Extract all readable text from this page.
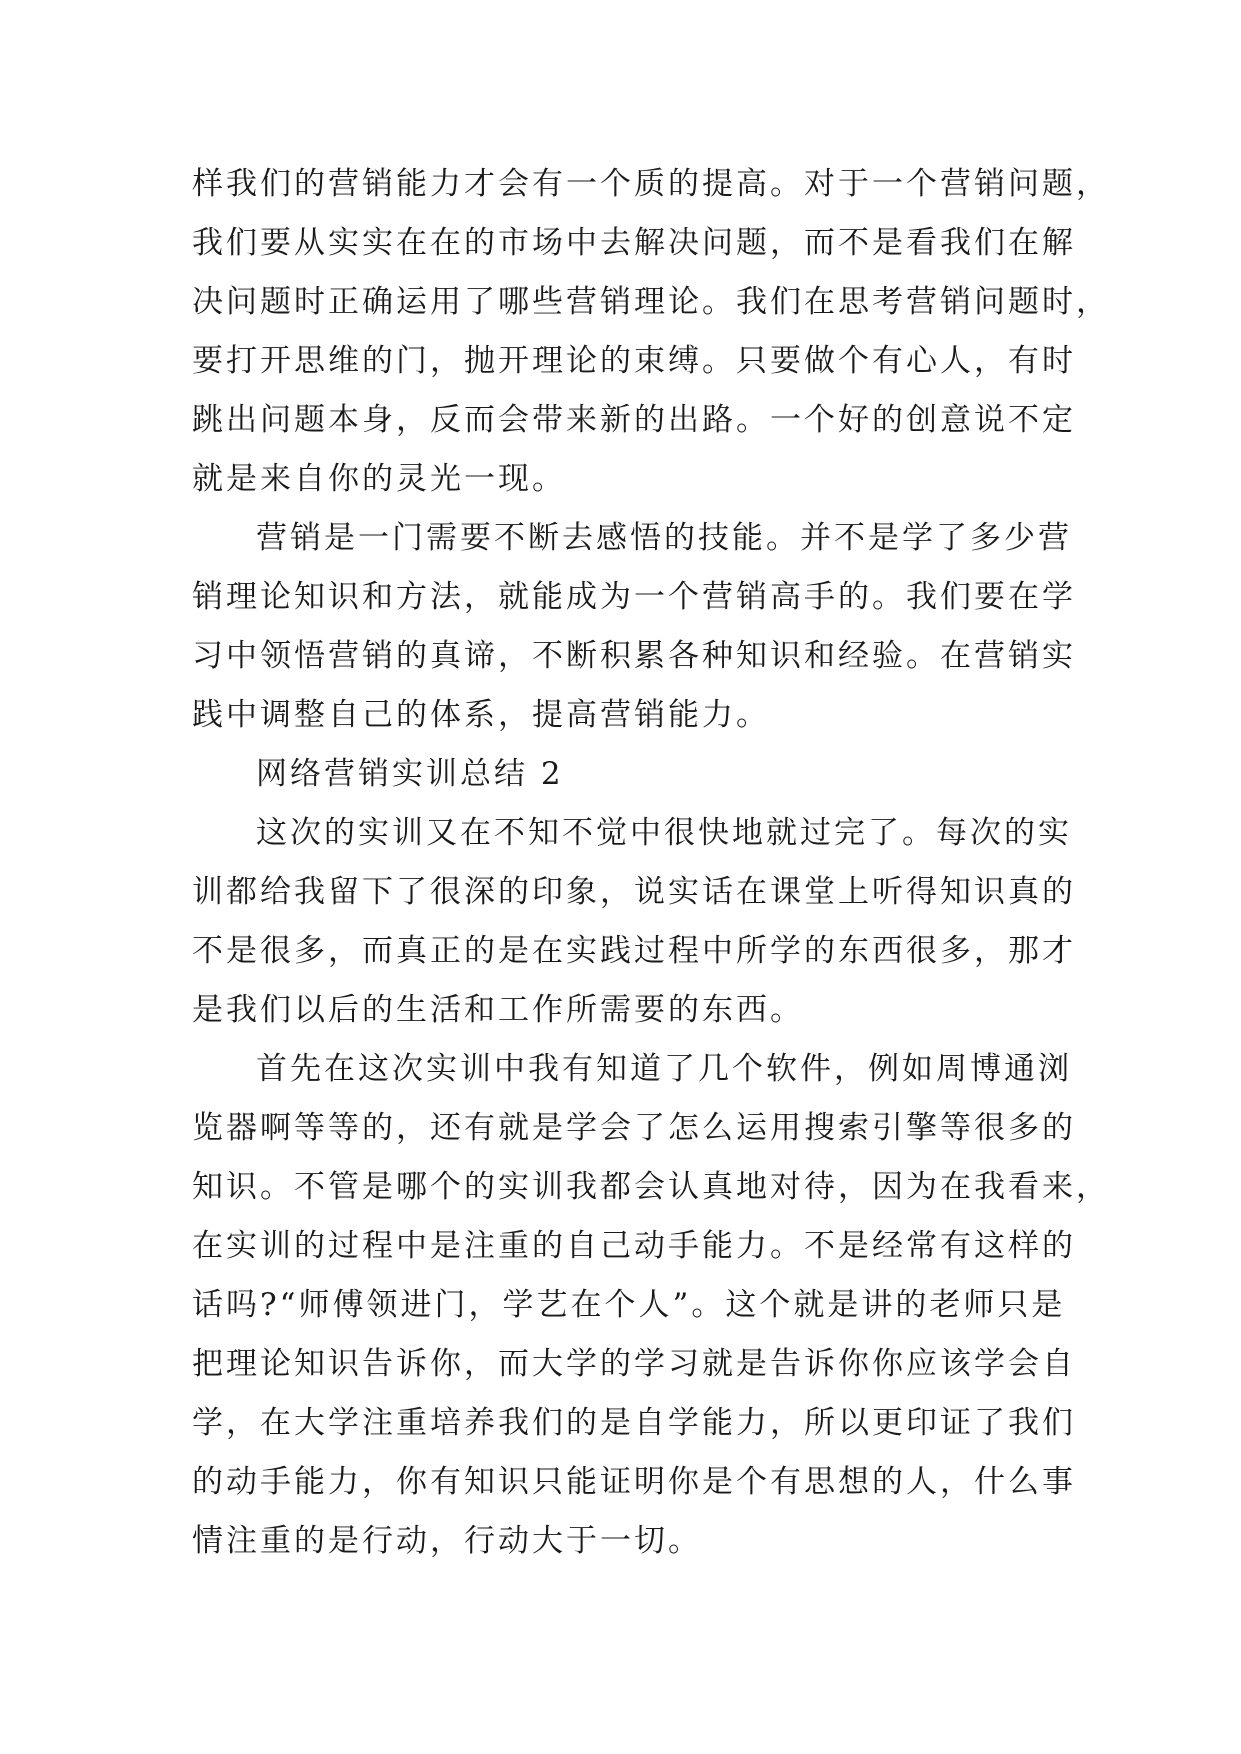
样我们的营销能力才会有一个质的提高。对于一个营销问题，
我们要从实实在在的市场中去解决问题，而不是看我们在解
决问题时正确运用了哪些营销理论。我们在思考营销问题时，
要打开思维的门，抛开理论的束缚。只要做个有心人，有时
跳出问题本身，反而会带来新的出路。一个好的创意说不定
就是来自你的灵光一现。
营销是一门需要不断去感悟的技能。并不是学了多少营
销理论知识和方法，就能成为一个营销高手的。我们要在学
习中领悟营销的真谛，不断积累各种知识和经验。在营销实
践中调整自己的体系，提高营销能力。
网络营销实训总结 2
这次的实训又在不知不觉中很快地就过完了。每次的实
训都给我留下了很深的印象，说实话在课堂上听得知识真的
不是很多，而真正的是在实践过程中所学的东西很多，那才
是我们以后的生活和工作所需要的东西。
首先在这次实训中我有知道了几个软件，例如周博通浏
览器啊等等的，还有就是学会了怎么运用搜索引擎等很多的
知识。不管是哪个的实训我都会认真地对待，因为在我看来，
在实训的过程中是注重的自己动手能力。不是经常有这样的
话吗?“师傅领进门，学艺在个人”。这个就是讲的老师只是
把理论知识告诉你，而大学的学习就是告诉你你应该学会自
学，在大学注重培养我们的是自学能力，所以更印证了我们
的动手能力，你有知识只能证明你是个有思想的人，什么事
情注重的是行动，行动大于一切。
